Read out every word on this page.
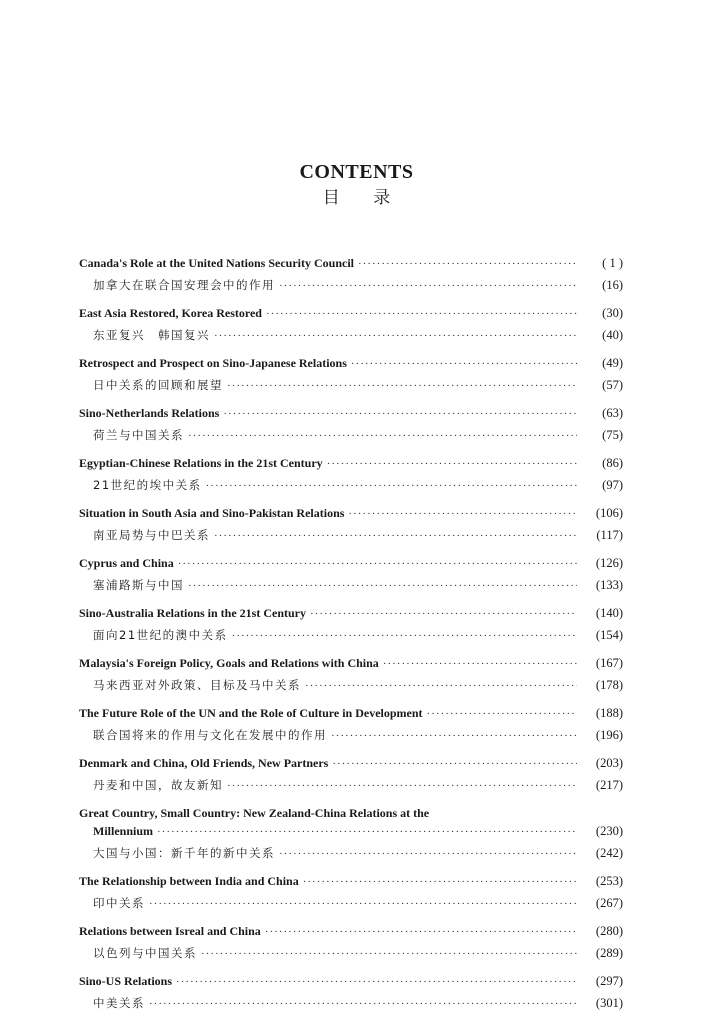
CONTENTS
目 录
Canada's Role at the United Nations Security Council ·····	( 1 )
加拿大在联合国安理会中的作用 ·····	(16)
East Asia Restored, Korea Restored ·····	(30)
东亚复兴　韩国复兴 ·····	(40)
Retrospect and Prospect on Sino-Japanese Relations ·····	(49)
日中关系的回顾和展望 ·····	(57)
Sino-Netherlands Relations ·····	(63)
荷兰与中国关系 ·····	(75)
Egyptian-Chinese Relations in the 21st Century ·····	(86)
21世纪的埃中关系 ·····	(97)
Situation in South Asia and Sino-Pakistan Relations ·····	(106)
南亚局势与中巴关系 ·····	(117)
Cyprus and China ·····	(126)
塞浦路斯与中国 ·····	(133)
Sino-Australia Relations in the 21st Century ·····	(140)
面向21世纪的澳中关系 ·····	(154)
Malaysia's Foreign Policy, Goals and Relations with China ·····	(167)
马来西亚对外政策、目标及马中关系 ·····	(178)
The Future Role of the UN and the Role of Culture in Development ·····	(188)
联合国将来的作用与文化在发展中的作用 ·····	(196)
Denmark and China, Old Friends, New Partners ·····	(203)
丹麦和中国，故友新知 ·····	(217)
Great Country, Small Country: New Zealand-China Relations at the
Millennium ·····	(230)
大国与小国：新千年的新中关系 ·····	(242)
The Relationship between India and China ·····	(253)
印中关系 ·····	(267)
Relations between Isreal and China ·····	(280)
以色列与中国关系 ·····	(289)
Sino-US Relations ·····	(297)
中美关系 ·····	(301)
